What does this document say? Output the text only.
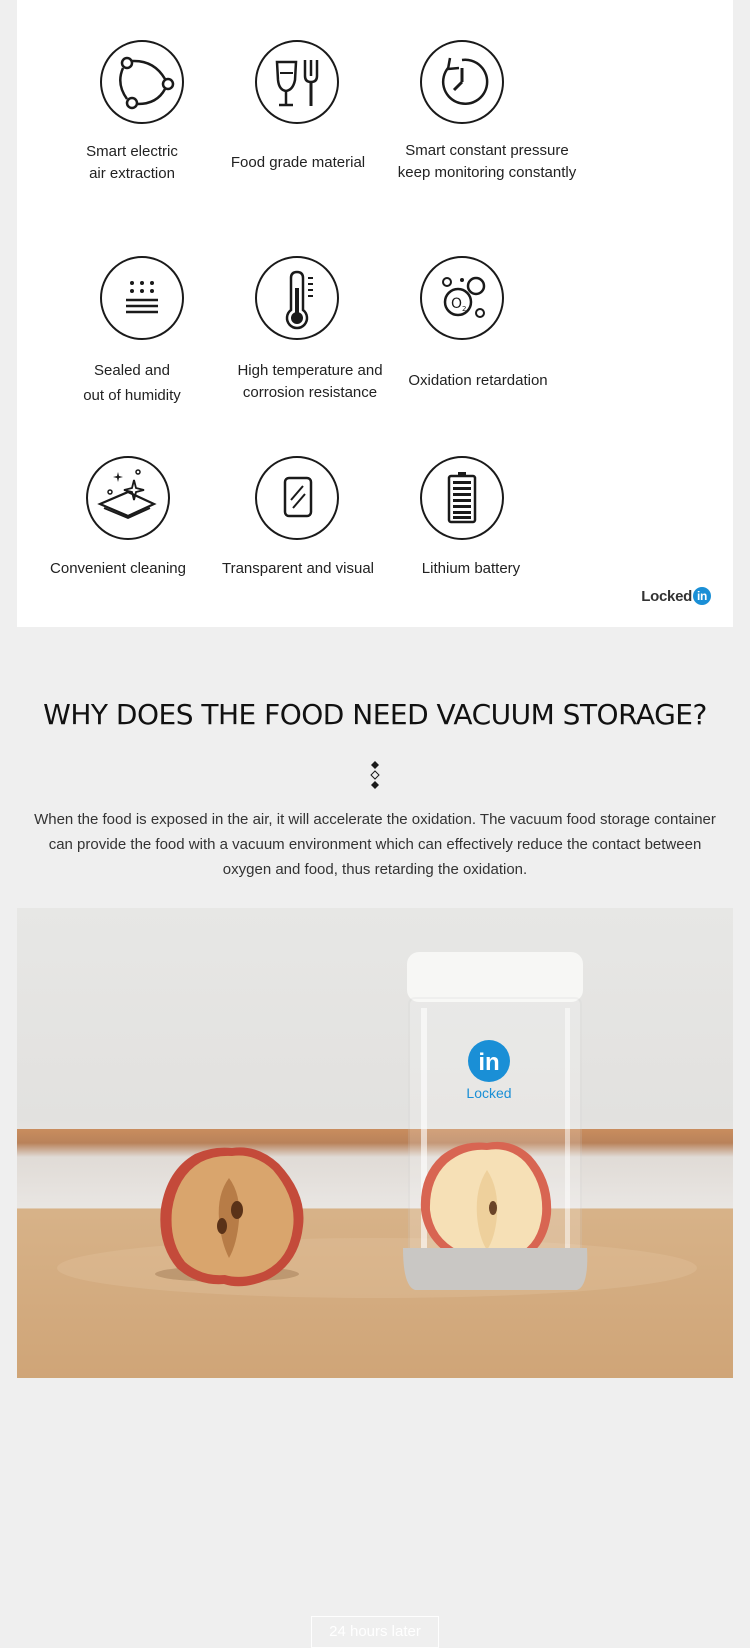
Smart electric
air extraction
Food grade material
Smart constant pressure
keep monitoring constantly
Sealed and
out of humidity
High temperature and
corrosion resistance
O 2
Oxidation retardation
Convenient cleaning	Transparent and visual	Lithium battery
Locked in
WHY DOES THE FOOD NEED VACUUM STORAGE?
When the food is exposed in the air, it will accelerate the oxidation. The vacuum food storage container can provide the food with a vacuum environment which can effectively reduce the contact between oxygen and food, thus retarding the oxidation.
in
Locked
24 hours later
